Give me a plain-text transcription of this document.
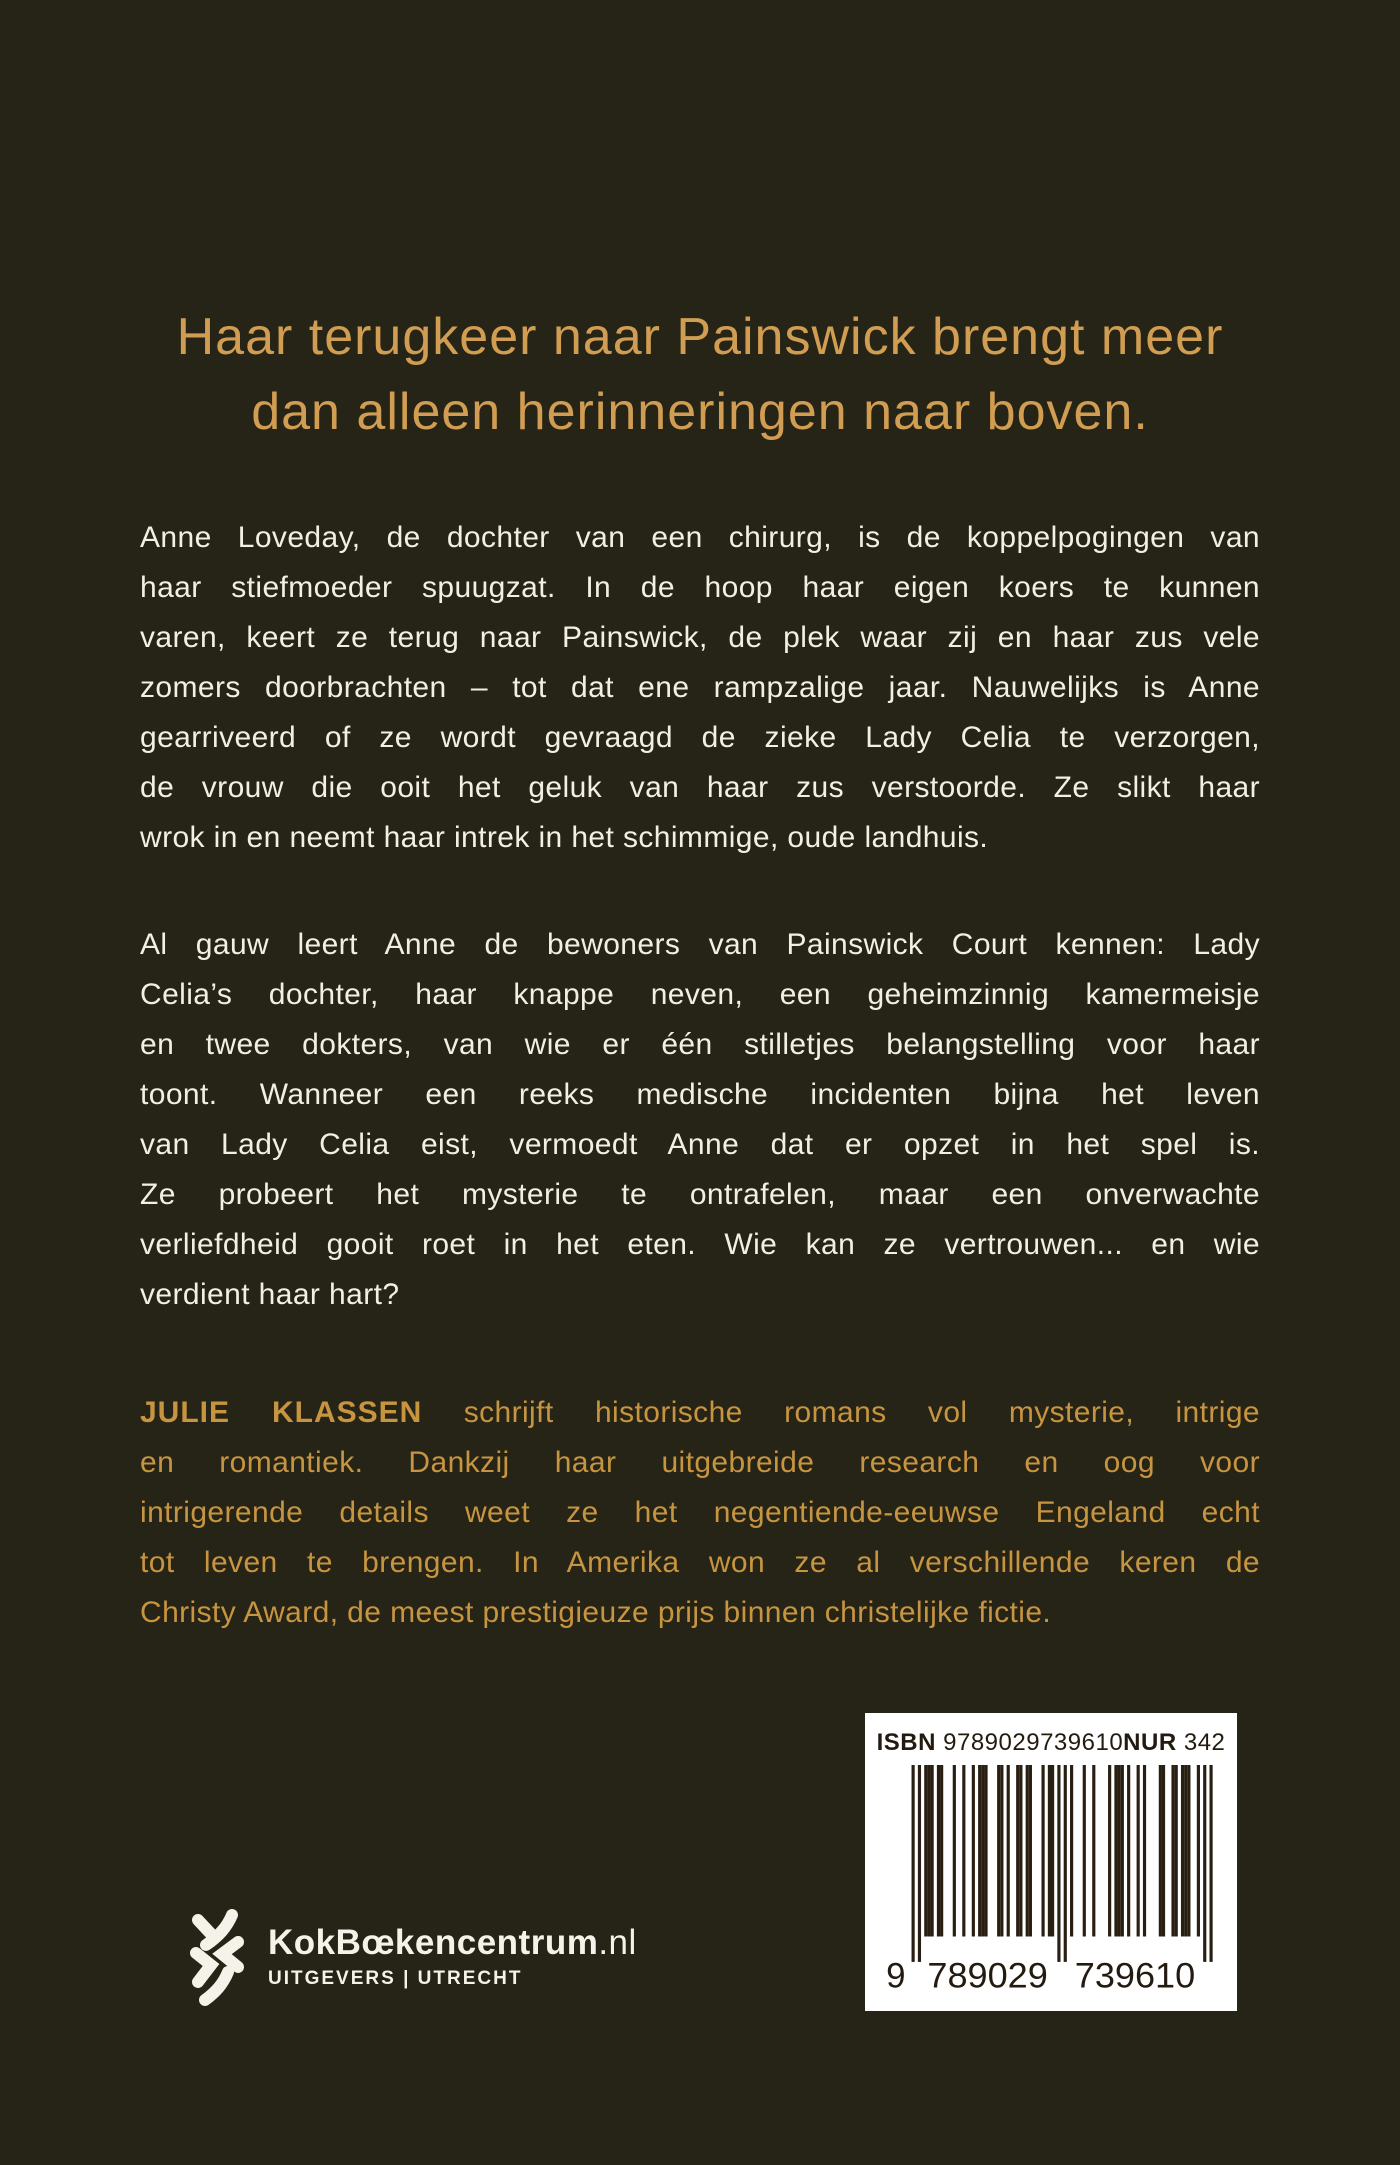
Haar terugkeer naar Painswick brengt meer
dan alleen herinneringen naar boven.
Anne Loveday, de dochter van een chirurg, is de koppelpogingen van
haar stiefmoeder spuugzat. In de hoop haar eigen koers te kunnen
varen, keert ze terug naar Painswick, de plek waar zij en haar zus vele
zomers doorbrachten – tot dat ene rampzalige jaar. Nauwelijks is Anne
gearriveerd of ze wordt gevraagd de zieke Lady Celia te verzorgen,
de vrouw die ooit het geluk van haar zus verstoorde. Ze slikt haar
wrok in en neemt haar intrek in het schimmige, oude landhuis.
Al gauw leert Anne de bewoners van Painswick Court kennen: Lady
Celia’s dochter, haar knappe neven, een geheimzinnig kamermeisje
en twee dokters, van wie er één stilletjes belangstelling voor haar
toont. Wanneer een reeks medische incidenten bijna het leven
van Lady Celia eist, vermoedt Anne dat er opzet in het spel is.
Ze probeert het mysterie te ontrafelen, maar een onverwachte
verliefdheid gooit roet in het eten. Wie kan ze vertrouwen... en wie
verdient haar hart?
JULIE KLASSEN schrijft historische romans vol mysterie, intrige
en romantiek. Dankzij haar uitgebreide research en oog voor
intrigerende details weet ze het negentiende-eeuwse Engeland echt
tot leven te brengen. In Amerika won ze al verschillende keren de
Christy Award, de meest prestigieuze prijs binnen christelijke fictie.
ISBN
9789029739610 NUR
342
9 789029 739610
KokBœkencentrum.nl
UITGEVERS | UTRECHT
